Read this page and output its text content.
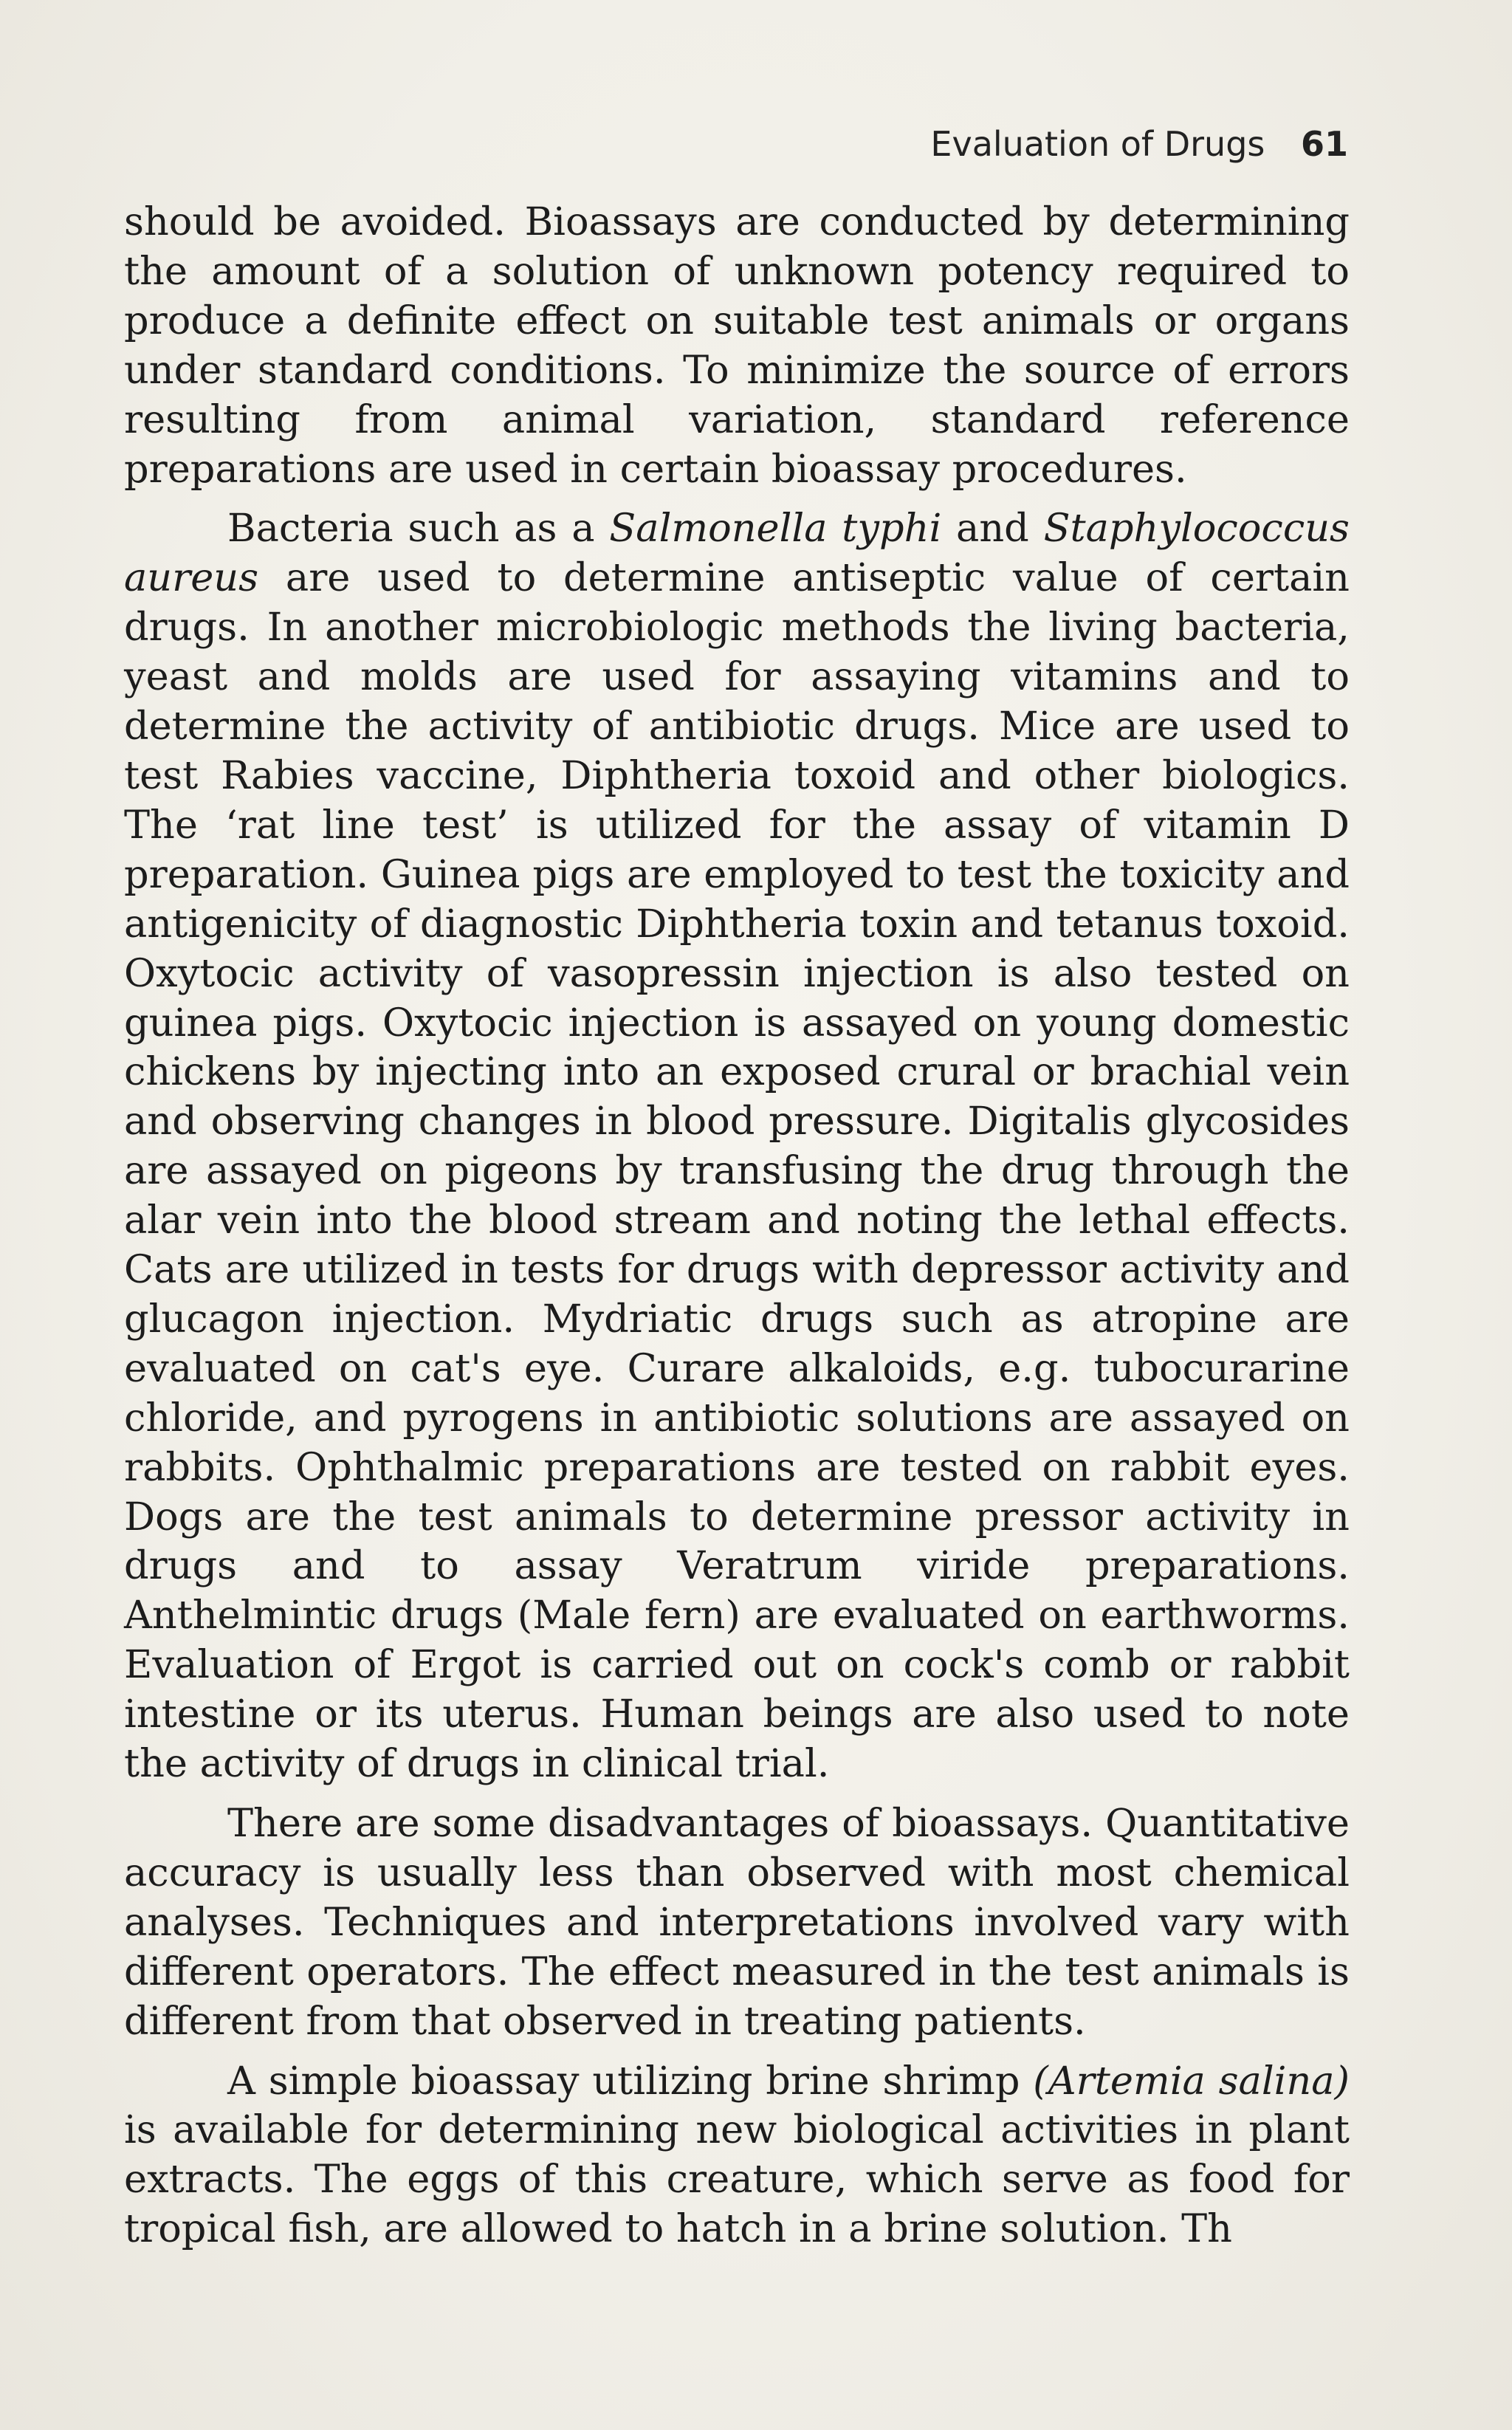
Evaluation of Drugs 61

should be avoided. Bioassays are conducted by determining the amount of a solution of unknown potency required to produce a definite effect on suitable test animals or organs under standard conditions. To minimize the source of errors resulting from animal variation, standard reference preparations are used in certain bioassay procedures.

Bacteria such as a Salmonella typhi and Staphylococcus aureus are used to determine antiseptic value of certain drugs. In another microbiologic methods the living bacteria, yeast and molds are used for assaying vitamins and to determine the activity of antibiotic drugs. Mice are used to test Rabies vaccine, Diphtheria toxoid and other biologics. The ‘rat line test’ is utilized for the assay of vitamin D preparation. Guinea pigs are employed to test the toxicity and antigenicity of diagnostic Diphtheria toxin and tetanus toxoid. Oxytocic activity of vasopressin injection is also tested on guinea pigs. Oxytocic injection is assayed on young domestic chickens by injecting into an exposed crural or brachial vein and observing changes in blood pressure. Digitalis glycosides are assayed on pigeons by transfusing the drug through the alar vein into the blood stream and noting the lethal effects. Cats are utilized in tests for drugs with depressor activity and glucagon injection. Mydriatic drugs such as atropine are evaluated on cat's eye. Curare alkaloids, e.g. tubocurarine chloride, and pyrogens in antibiotic solutions are assayed on rabbits. Ophthalmic preparations are tested on rabbit eyes. Dogs are the test animals to determine pressor activity in drugs and to assay Veratrum viride preparations. Anthelmintic drugs (Male fern) are evaluated on earthworms. Evaluation of Ergot is carried out on cock's comb or rabbit intestine or its uterus. Human beings are also used to note the activity of drugs in clinical trial.

There are some disadvantages of bioassays. Quantitative accuracy is usually less than observed with most chemical analyses. Techniques and interpretations involved vary with different operators. The effect measured in the test animals is different from that observed in treating patients.

A simple bioassay utilizing brine shrimp (Artemia salina) is available for determining new biological activities in plant extracts. The eggs of this creature, which serve as food for tropical fish, are allowed to hatch in a brine solution. Th
